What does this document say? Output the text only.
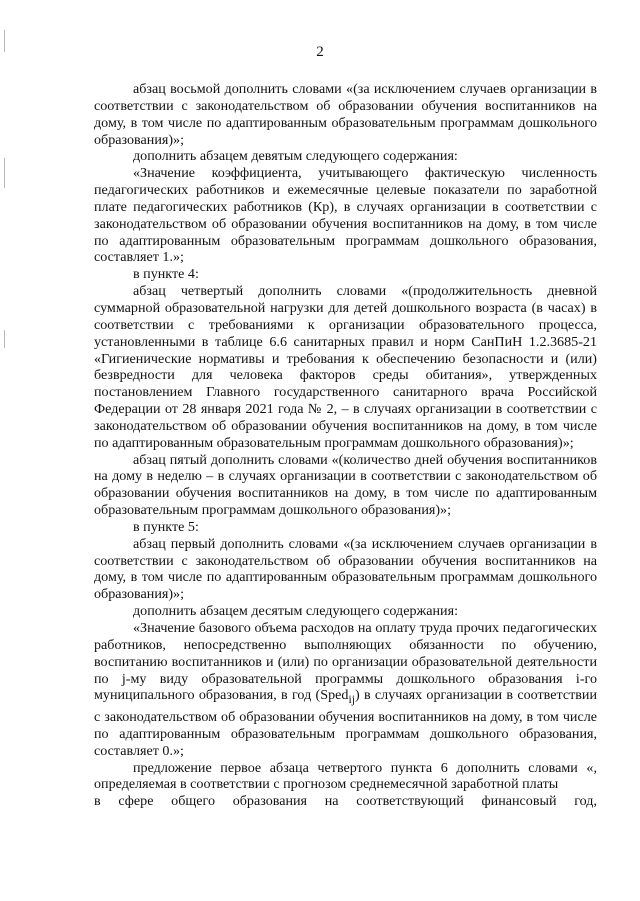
2

абзац восьмой дополнить словами «(за исключением случаев организации в соответствии с законодательством об образовании обучения воспитанников на дому, в том числе по адаптированным образовательным программам дошкольного образования)»;

дополнить абзацем девятым следующего содержания:

«Значение коэффициента, учитывающего фактическую численность педагогических работников и ежемесячные целевые показатели по заработной плате педагогических работников (Кр), в случаях организации в соответствии с законодательством об образовании обучения воспитанников на дому, в том числе по адаптированным образовательным программам дошкольного образования, составляет 1.»;

в пункте 4:

абзац четвертый дополнить словами «(продолжительность дневной суммарной образовательной нагрузки для детей дошкольного возраста (в часах) в соответствии с требованиями к организации образовательного процесса, установленными в таблице 6.6 санитарных правил и норм СанПиН 1.2.3685-21 «Гигиенические нормативы и требования к обеспечению безопасности и (или) безвредности для человека факторов среды обитания», утвержденных постановлением Главного государственного санитарного врача Российской Федерации от 28 января 2021 года № 2, – в случаях организации в соответствии с законодательством об образовании обучения воспитанников на дому, в том числе по адаптированным образовательным программам дошкольного образования)»;

абзац пятый дополнить словами «(количество дней обучения воспитанников на дому в неделю – в случаях организации в соответствии с законодательством об образовании обучения воспитанников на дому, в том числе по адаптированным образовательным программам дошкольного образования)»;

в пункте 5:

абзац первый дополнить словами «(за исключением случаев организации в соответствии с законодательством об образовании обучения воспитанников на дому, в том числе по адаптированным образовательным программам дошкольного образования)»;

дополнить абзацем десятым следующего содержания:

«Значение базового объема расходов на оплату труда прочих педагогических работников, непосредственно выполняющих обязанности по обучению, воспитанию воспитанников и (или) по организации образовательной деятельности по j-му виду образовательной программы дошкольного образования i-го муниципального образования, в год (Sped$_{ij}$) в случаях организации в соответствии с законодательством об образовании обучения воспитанников на дому, в том числе по адаптированным образовательным программам дошкольного образования, составляет 0.»;

предложение первое абзаца четвертого пункта 6 дополнить словами «, определяемая в соответствии с прогнозом среднемесячной заработной платы

в сфере общего образования на соответствующий финансовый год,
